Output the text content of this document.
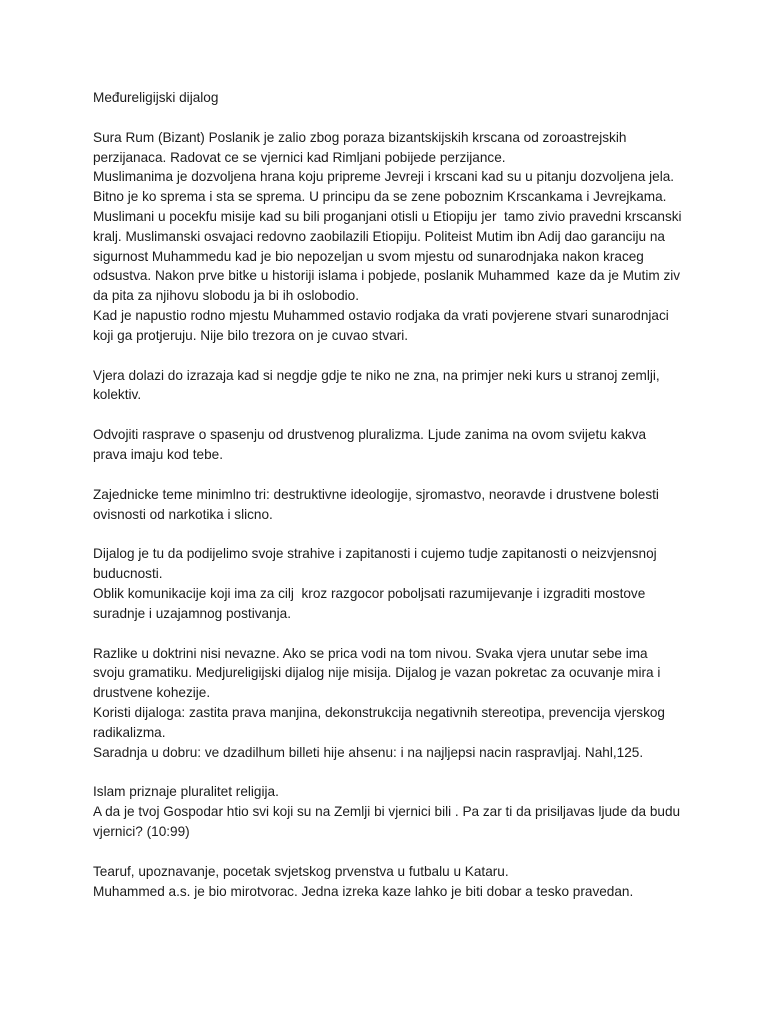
Međureligijski dijalog
Sura Rum (Bizant) Poslanik je zalio zbog poraza bizantskijskih krscana od zoroastrejskih perzijanaca. Radovat ce se vjernici kad Rimljani pobijede perzijance.
Muslimanima je dozvoljena hrana koju pripreme Jevreji i krscani kad su u pitanju dozvoljena jela. Bitno je ko sprema i sta se sprema. U principu da se zene poboznim Krscankama i Jevrejkama.
Muslimani u pocekfu misije kad su bili proganjani otisli u Etiopiju jer  tamo zivio pravedni krscanski kralj. Muslimanski osvajaci redovno zaobilazili Etiopiju. Politeist Mutim ibn Adij dao garanciju na sigurnost Muhammedu kad je bio nepozeljan u svom mjestu od sunarodnjaka nakon kraceg odsustva. Nakon prve bitke u historiji islama i pobjede, poslanik Muhammed  kaze da je Mutim ziv da pita za njihovu slobodu ja bi ih oslobodio.
Kad je napustio rodno mjestu Muhammed ostavio rodjaka da vrati povjerene stvari sunarodnjaci koji ga protjeruju. Nije bilo trezora on je cuvao stvari.
Vjera dolazi do izrazaja kad si negdje gdje te niko ne zna, na primjer neki kurs u stranoj zemlji, kolektiv.
Odvojiti rasprave o spasenju od drustvenog pluralizma. Ljude zanima na ovom svijetu kakva prava imaju kod tebe.
Zajednicke teme minimlno tri: destruktivne ideologije, sjromastvo, neoravde i drustvene bolesti ovisnosti od narkotika i slicno.
Dijalog je tu da podijelimo svoje strahive i zapitanosti i cujemo tudje zapitanosti o neizvjensnoj buducnosti.
Oblik komunikacije koji ima za cilj  kroz razgocor poboljsati razumijevanje i izgraditi mostove suradnje i uzajamnog postivanja.
Razlike u doktrini nisi nevazne. Ako se prica vodi na tom nivou. Svaka vjera unutar sebe ima svoju gramatiku. Medjureligijski dijalog nije misija. Dijalog je vazan pokretac za ocuvanje mira i drustvene kohezije.
Koristi dijaloga: zastita prava manjina, dekonstrukcija negativnih stereotipa, prevencija vjerskog radikalizma.
Saradnja u dobru: ve dzadilhum billeti hije ahsenu: i na najljepsi nacin raspravljaj. Nahl,125.
Islam priznaje pluralitet religija.
A da je tvoj Gospodar htio svi koji su na Zemlji bi vjernici bili . Pa zar ti da prisiljavas ljude da budu vjernici? (10:99)
Tearuf, upoznavanje, pocetak svjetskog prvenstva u futbalu u Kataru.
Muhammed a.s. je bio mirotvorac. Jedna izreka kaze lahko je biti dobar a tesko pravedan.
